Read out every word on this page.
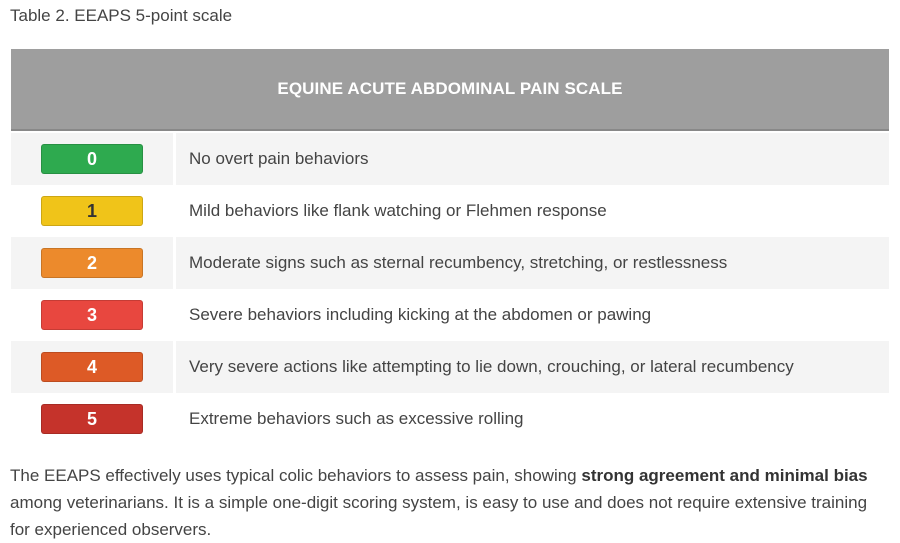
Table 2. EEAPS 5-point scale
EQUINE ACUTE ABDOMINAL PAIN SCALE
0	No overt pain behaviors
1	Mild behaviors like flank watching or Flehmen response
2	Moderate signs such as sternal recumbency, stretching, or restlessness
3	Severe behaviors including kicking at the abdomen or pawing
4	Very severe actions like attempting to lie down, crouching, or lateral recumbency
5	Extreme behaviors such as excessive rolling

The EEAPS effectively uses typical colic behaviors to assess pain, showing strong agreement and minimal bias among veterinarians. It is a simple one-digit scoring system, is easy to use and does not require extensive training for experienced observers.
